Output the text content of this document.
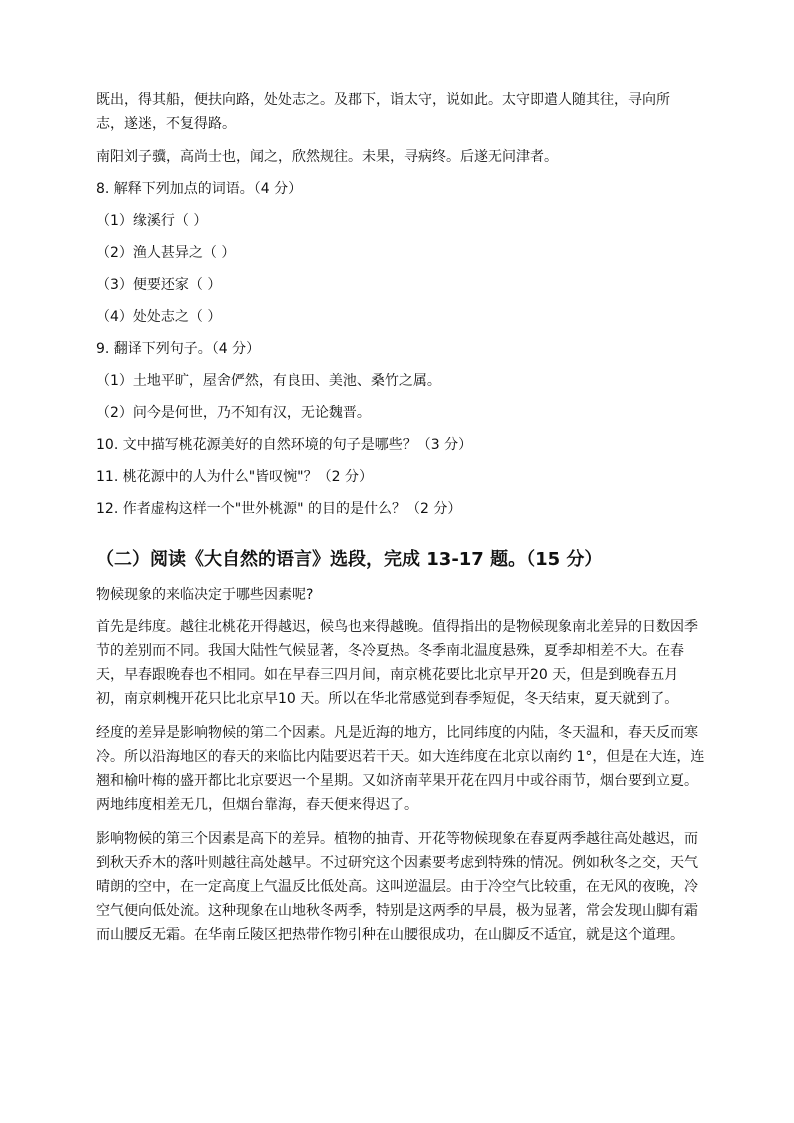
既出，得其船，便扶向路，处处志之。及郡下，诣太守，说如此。太守即遣人随其往，寻向所
志，遂迷，不复得路。

南阳刘子骥，高尚士也，闻之，欣然规往。未果，寻病终。后遂无问津者。

8. 解释下列加点的词语。（4 分）

（1）缘溪行（ ）

（2）渔人甚异之（ ）

（3）便要还家（ ）

（4）处处志之（ ）

9. 翻译下列句子。（4 分）

（1）土地平旷，屋舍俨然，有良田、美池、桑竹之属。

（2）问今是何世，乃不知有汉，无论魏晋。

10. 文中描写桃花源美好的自然环境的句子是哪些？（3 分）

11. 桃花源中的人为什么"皆叹惋"？（2 分）

12. 作者虚构这样一个"世外桃源" 的目的是什么？（2 分）

（二）阅读《大自然的语言》选段，完成 13-17 题。（15 分）

物候现象的来临决定于哪些因素呢?

首先是纬度。越往北桃花开得越迟，候鸟也来得越晚。值得指出的是物候现象南北差异的日数因季节的差别而不同。我国大陆性气候显著，冬冷夏热。冬季南北温度悬殊，夏季却相差不大。在春天，早春跟晚春也不相同。如在早春三四月间，南京桃花要比北京早开20 天，但是到晚春五月初，南京刺槐开花只比北京早10 天。所以在华北常感觉到春季短促，冬天结束，夏天就到了。

经度的差异是影响物候的第二个因素。凡是近海的地方，比同纬度的内陆，冬天温和，春天反而寒冷。所以沿海地区的春天的来临比内陆要迟若干天。如大连纬度在北京以南约 1°，但是在大连，连翘和榆叶梅的盛开都比北京要迟一个星期。又如济南苹果开花在四月中或谷雨节，烟台要到立夏。两地纬度相差无几，但烟台靠海，春天便来得迟了。

影响物候的第三个因素是高下的差异。植物的抽青、开花等物候现象在春夏两季越往高处越迟，而到秋天乔木的落叶则越往高处越早。不过研究这个因素要考虑到特殊的情况。例如秋冬之交，天气晴朗的空中，在一定高度上气温反比低处高。这叫逆温层。由于冷空气比较重，在无风的夜晚，冷空气便向低处流。这种现象在山地秋冬两季，特别是这两季的早晨，极为显著，常会发现山脚有霜而山腰反无霜。在华南丘陵区把热带作物引种在山腰很成功，在山脚反不适宜，就是这个道理。
